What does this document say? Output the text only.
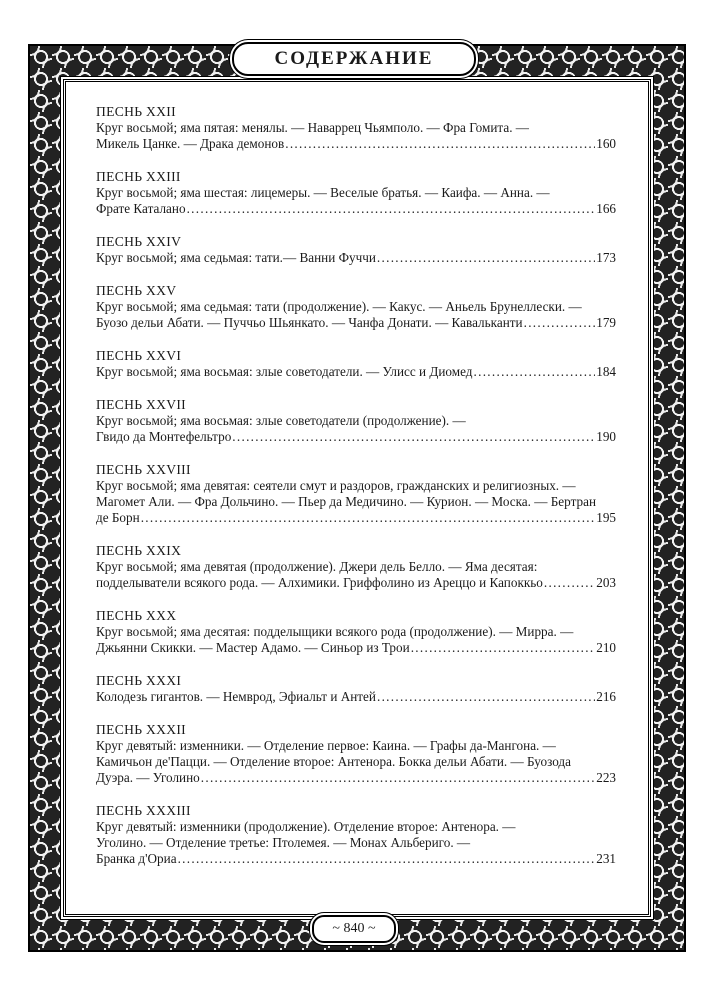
СОДЕРЖАНИЕ
ПЕСНЬ XXII
Круг восьмой; яма пятая: менялы. — Наваррец Чьямполо. — Фра Гомита. —
Микель Цанке. — Драка демонов . . .	160
ПЕСНЬ XXIII
Круг восьмой; яма шестая: лицемеры. — Веселые братья. — Каифа. — Анна. —
Фрате Каталано . . .	166
ПЕСНЬ XXIV
Круг восьмой; яма седьмая: тати.— Ванни Фуччи . . .	173
ПЕСНЬ XXV
Круг восьмой; яма седьмая: тати (продолжение). — Какус. — Аньель Брунеллески. —
Буозо дельи Абати. — Пуччьо Шьянкато. — Чанфа Донати. — Кавальканти . . .	179
ПЕСНЬ XXVI
Круг восьмой; яма восьмая: злые советодатели. — Улисс и Диомед . . .	184
ПЕСНЬ XXVII
Круг восьмой; яма восьмая: злые советодатели (продолжение). —
Гвидо да Монтефельтро . . .	190
ПЕСНЬ XXVIII
Круг восьмой; яма девятая: сеятели смут и раздоров, гражданских и религиозных. —
Магомет Али. — Фра Дольчино. — Пьер да Медичино. — Курион. — Моска. — Бертран
де Борн . . .	195
ПЕСНЬ XXIX
Круг восьмой; яма девятая (продолжение). Джери дель Белло. — Яма десятая:
подделыватели всякого рода. — Алхимики. Гриффолино из Ареццо и Капоккьо . . .	203
ПЕСНЬ XXX
Круг восьмой; яма десятая: подделыщики всякого рода (продолжение). — Мирра. —
Джьянни Скикки. — Мастер Адамо. — Синьор из Трои . . .	210
ПЕСНЬ XXXI
Колодезь гигантов. — Немврод, Эфиальт и Антей . . .	216
ПЕСНЬ XXXII
Круг девятый: изменники. — Отделение первое: Каина. — Графы да-Мангона. —
Камичьон де'Пацци. — Отделение второе: Антенора. Бокка дельи Абати. — Буозода
Дуэра. — Уголино . . .	223
ПЕСНЬ XXXIII
Круг девятый: изменники (продолжение). Отделение второе: Антенора. —
Уголино. — Отделение третье: Птолемея. — Монах Альбериго. —
Бранка д'Ориа . . .	231
~ 840 ~
